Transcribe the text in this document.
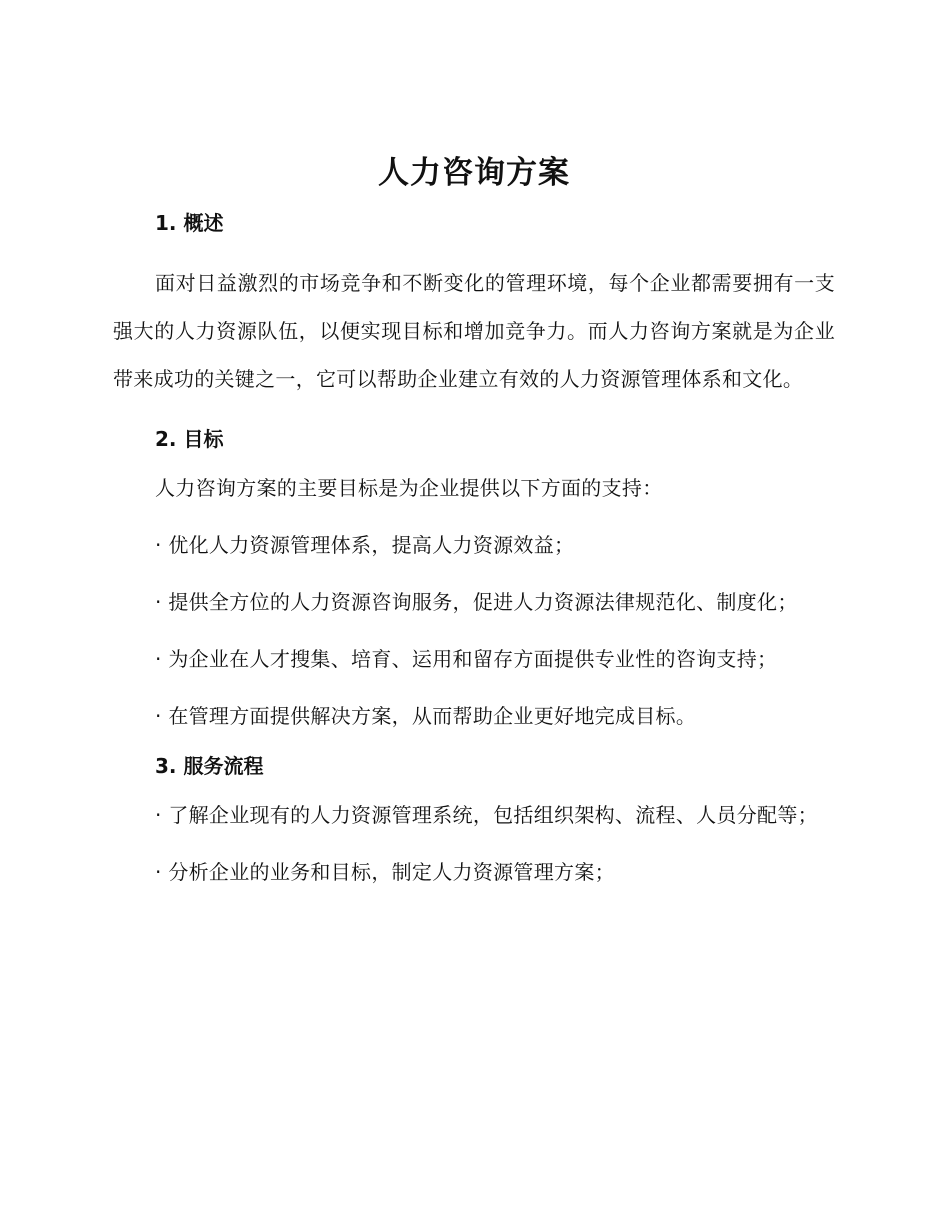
人力咨询方案
1. 概述

面对日益激烈的市场竞争和不断变化的管理环境，每个企业都需要拥有一支强大的人力资源队伍，以便实现目标和增加竞争力。而人力咨询方案就是为企业带来成功的关键之一，它可以帮助企业建立有效的人力资源管理体系和文化。

2. 目标

人力咨询方案的主要目标是为企业提供以下方面的支持：

· 优化人力资源管理体系，提高人力资源效益；

· 提供全方位的人力资源咨询服务，促进人力资源法律规范化、制度化；

· 为企业在人才搜集、培育、运用和留存方面提供专业性的咨询支持；

· 在管理方面提供解决方案，从而帮助企业更好地完成目标。

3. 服务流程

· 了解企业现有的人力资源管理系统，包括组织架构、流程、人员分配等；

· 分析企业的业务和目标，制定人力资源管理方案；
